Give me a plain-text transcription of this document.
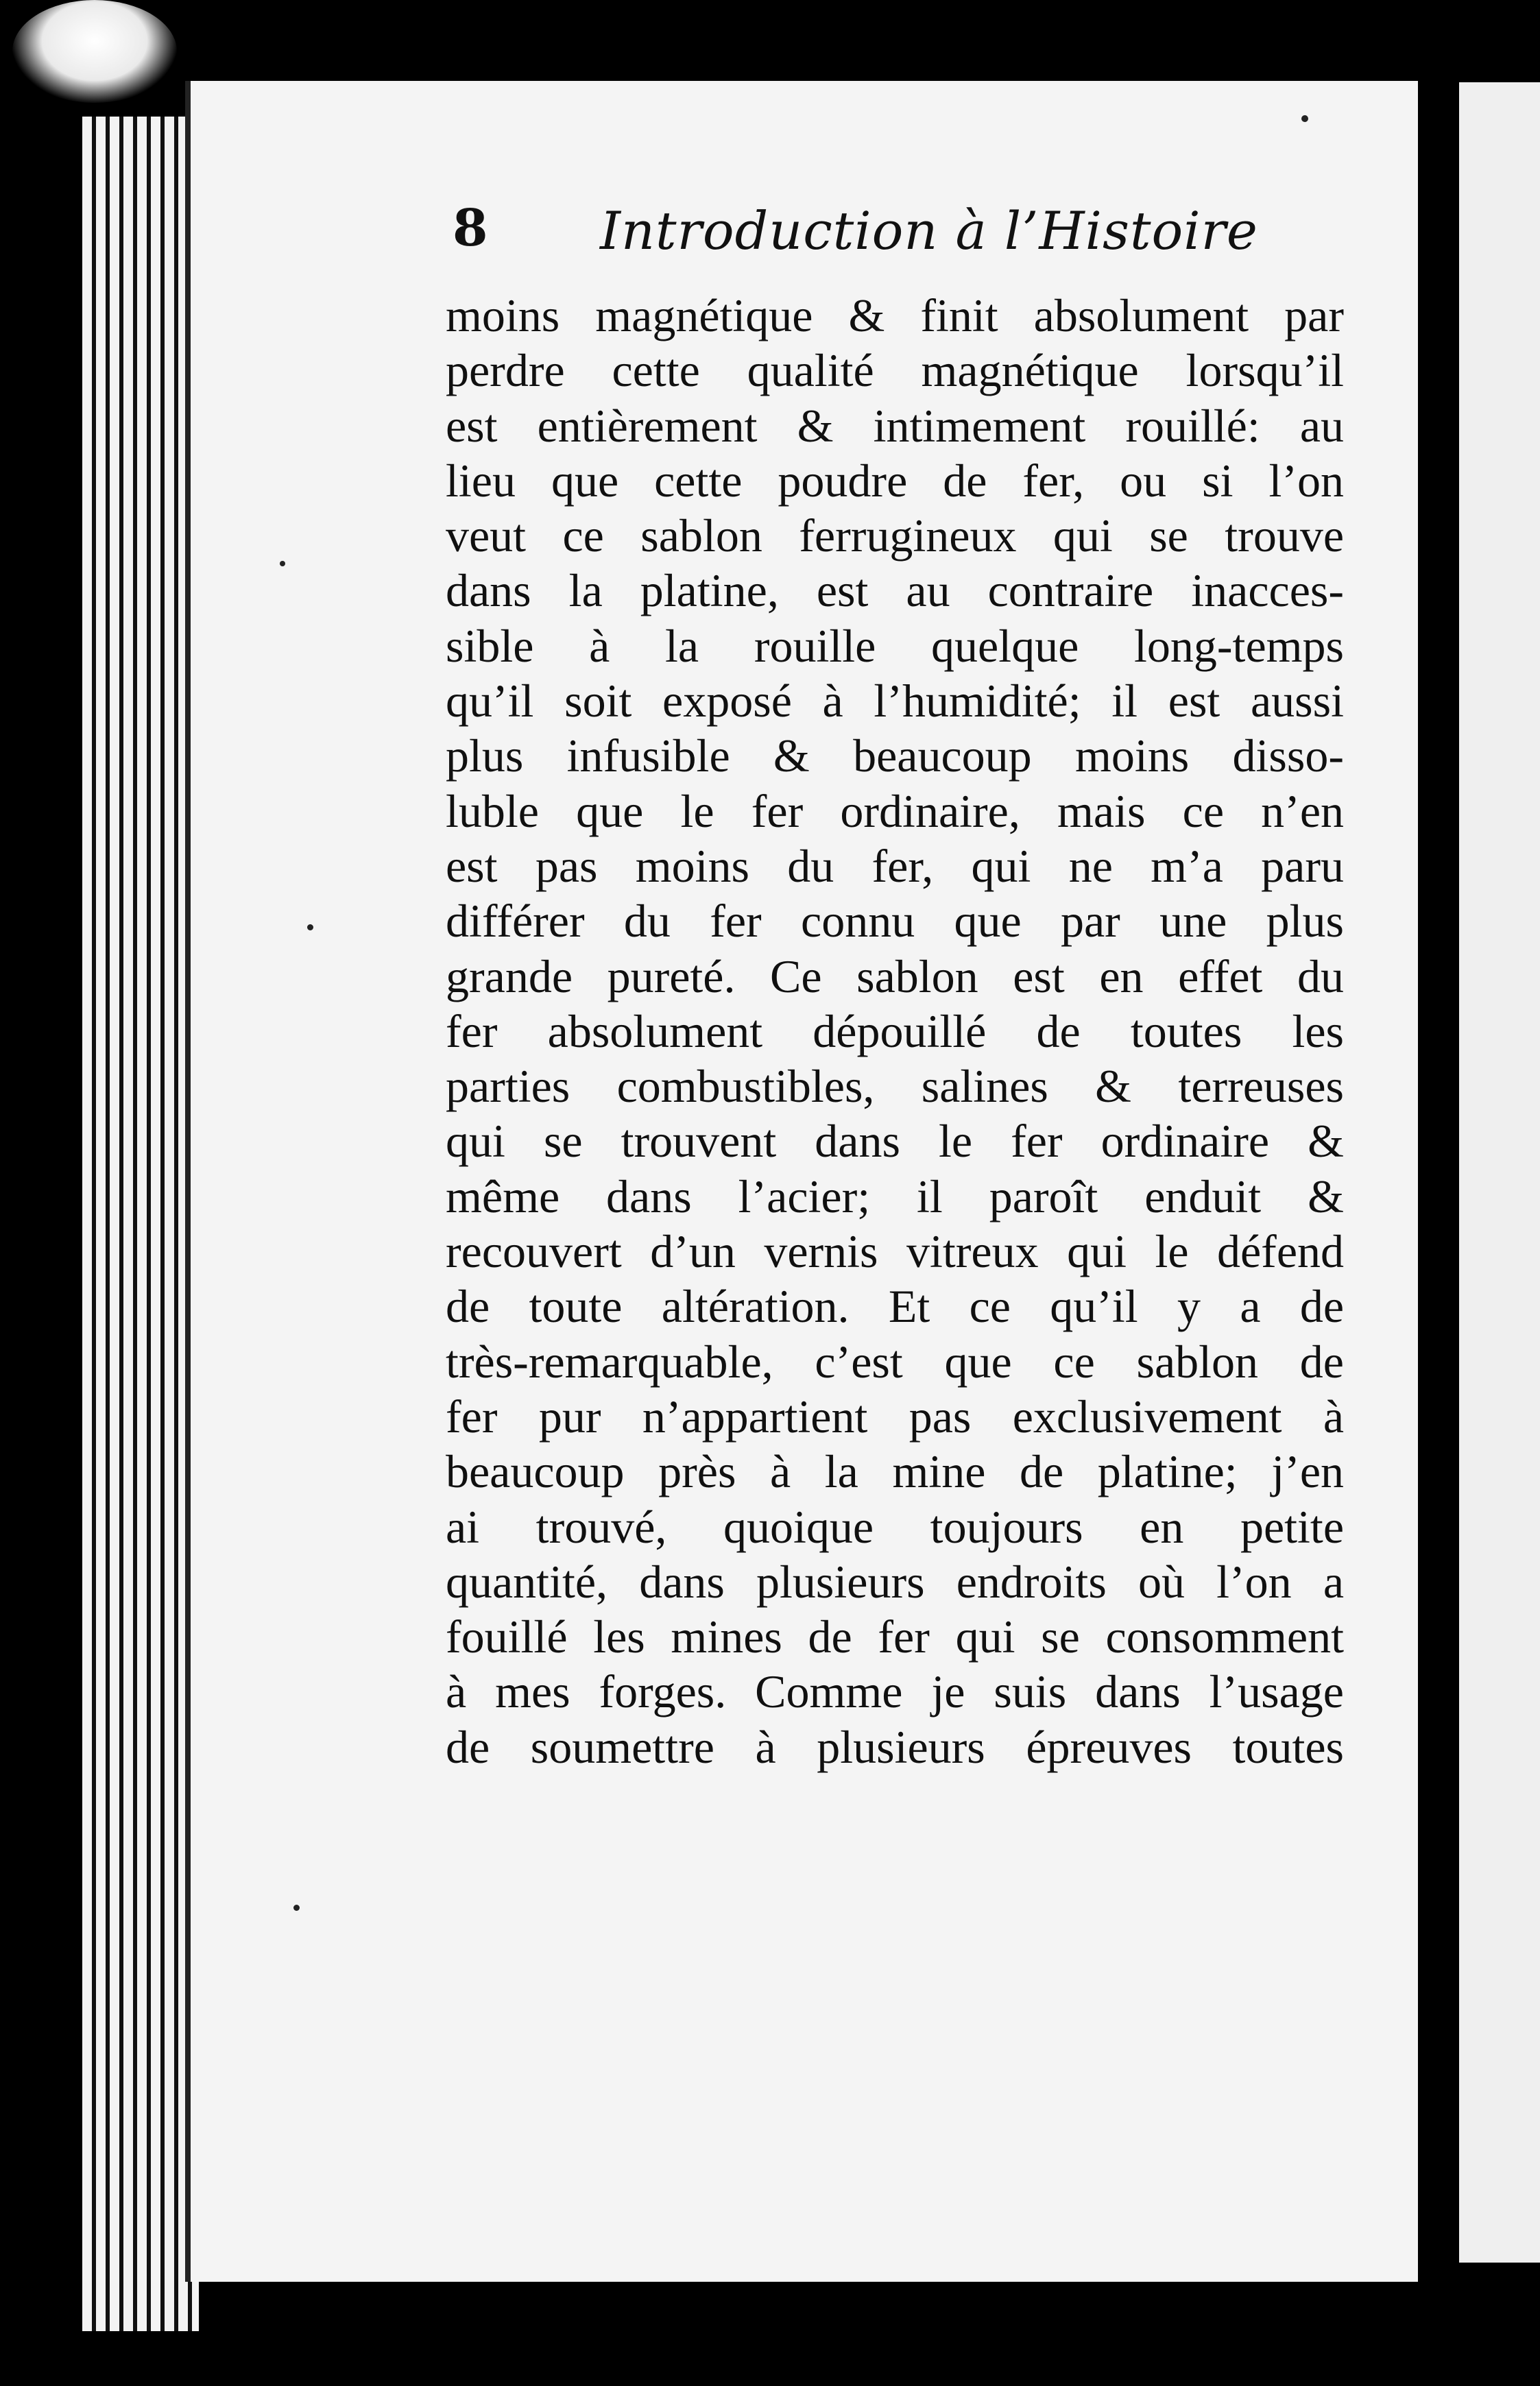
8 Introduction à l’Histoire
moins magnétique & finit absolument par
perdre cette qualité magnétique lorsqu’il
est entièrement & intimement rouillé: au
lieu que cette poudre de fer, ou si l’on
veut ce sablon ferrugineux qui se trouve
dans la platine, est au contraire inacces-
sible à la rouille quelque long-temps
qu’il soit exposé à l’humidité; il est aussi
plus infusible & beaucoup moins disso-
luble que le fer ordinaire, mais ce n’en
est pas moins du fer, qui ne m’a paru
différer du fer connu que par une plus
grande pureté. Ce sablon est en effet du
fer absolument dépouillé de toutes les
parties combustibles, salines & terreuses
qui se trouvent dans le fer ordinaire &
même dans l’acier; il paroît enduit &
recouvert d’un vernis vitreux qui le défend
de toute altération. Et ce qu’il y a de
très-remarquable, c’est que ce sablon de
fer pur n’appartient pas exclusivement à
beaucoup près à la mine de platine; j’en
ai trouvé, quoique toujours en petite
quantité, dans plusieurs endroits où l’on a
fouillé les mines de fer qui se consomment
à mes forges. Comme je suis dans l’usage
de soumettre à plusieurs épreuves toutes
